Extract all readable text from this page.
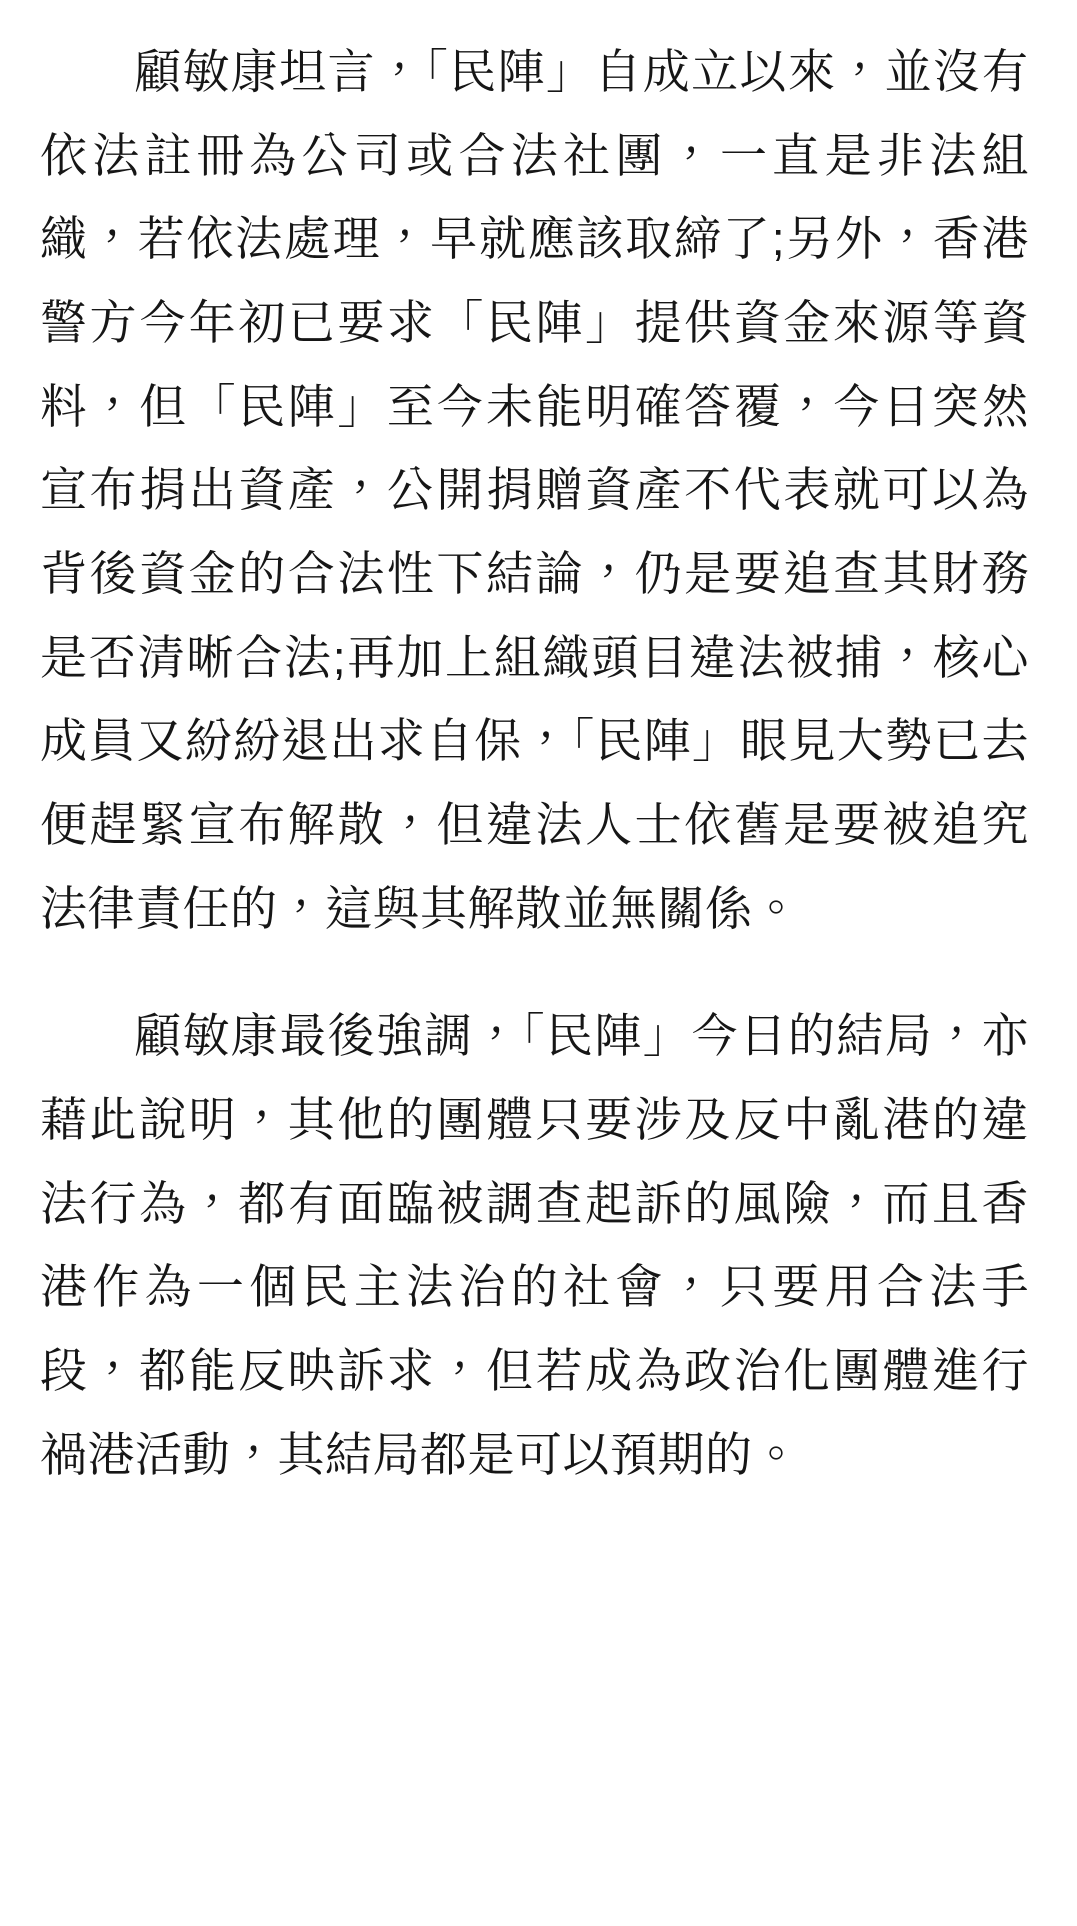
顧敏康坦言，「民陣」自成立以來，並沒有依法註冊為公司或合法社團，一直是非法組織，若依法處理，早就應該取締了;另外，香港警方今年初已要求「民陣」提供資金來源等資料，但「民陣」至今未能明確答覆，今日突然宣布捐出資產，公開捐贈資產不代表就可以為背後資金的合法性下結論，仍是要追查其財務是否清晰合法;再加上組織頭目違法被捕，核心成員又紛紛退出求自保，「民陣」眼見大勢已去便趕緊宣布解散，但違法人士依舊是要被追究法律責任的，這與其解散並無關係。

顧敏康最後強調，「民陣」今日的結局，亦藉此說明，其他的團體只要涉及反中亂港的違法行為，都有面臨被調查起訴的風險，而且香港作為一個民主法治的社會，只要用合法手段，都能反映訴求，但若成為政治化團體進行禍港活動，其結局都是可以預期的。
